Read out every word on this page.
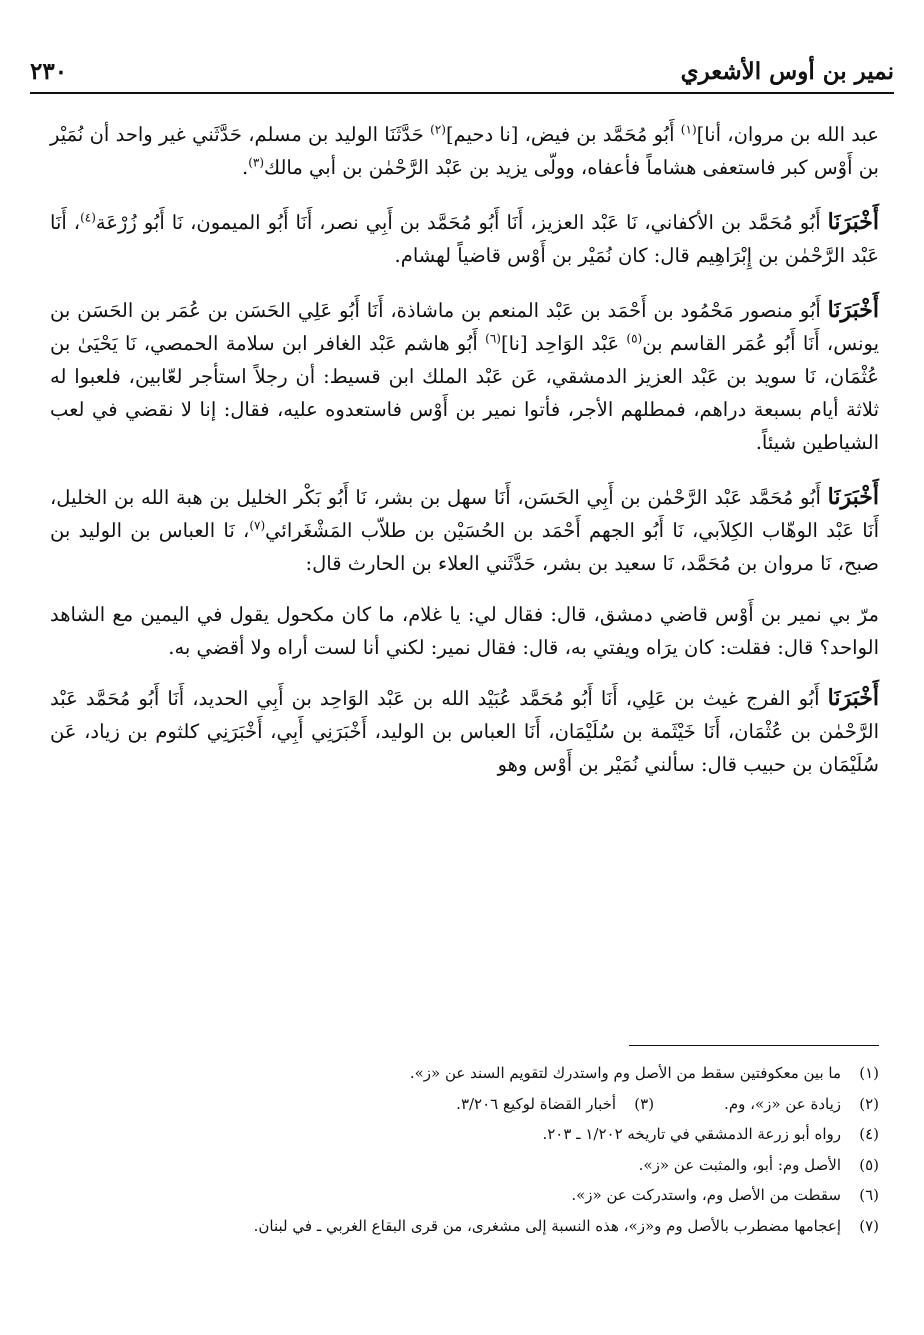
نمير بن أوس الأشعري
٢٣٠

عبد الله بن مروان، أنا]$^{(١)}$ أَبُو مُحَمَّد بن فيض، [نا دحيم]$^{(٢)}$ حَدَّثَنَا الوليد بن مسلم، حَدَّثَني غير واحد أن نُمَيْر بن أَوْس كبر فاستعفى هشاماً فأعفاه، وولّى يزيد بن عَبْد الرَّحْمٰن بن أبي مالك$^{(٣)}$.

أَخْبَرَنَا أَبُو مُحَمَّد بن الأكفاني، نَا عَبْد العزيز، أَنَا أَبُو مُحَمَّد بن أَبِي نصر، أَنَا أَبُو الميمون، نَا أَبُو زُرْعَة$^{(٤)}$، أَنَا عَبْد الرَّحْمٰن بن إِبْرَاهِيم قال: كان نُمَيْر بن أَوْس قاضياً لهشام.

أَخْبَرَنَا أَبُو منصور مَحْمُود بن أَحْمَد بن عَبْد المنعم بن ماشاذة، أَنَا أَبُو عَلِي الحَسَن بن عُمَر بن الحَسَن بن يونس، أَنَا أَبُو عُمَر القاسم بن$^{(٥)}$ عَبْد الوَاحِد [نا]$^{(٦)}$ أَبُو هاشم عَبْد الغافر ابن سلامة الحمصي، نَا يَحْيَىٰ بن عُثْمَان، نَا سويد بن عَبْد العزيز الدمشقي، عَن عَبْد الملك ابن قسيط: أن رجلاً استأجر لعّابين، فلعبوا له ثلاثة أيام بسبعة دراهم، فمطلهم الأجر، فأتوا نمير بن أَوْس فاستعدوه عليه، فقال: إنا لا نقضي في لعب الشياطين شيئاً.

أَخْبَرَنَا أَبُو مُحَمَّد عَبْد الرَّحْمٰن بن أَبِي الحَسَن، أَنَا سهل بن بشر، نَا أَبُو بَكْر الخليل بن هبة الله بن الخليل، أَنَا عَبْد الوهّاب الكِلاَبي، نَا أَبُو الجهم أَحْمَد بن الحُسَيْن بن طلاّب المَشْغَرائي$^{(٧)}$، نَا العباس بن الوليد بن صبح، نَا مروان بن مُحَمَّد، نَا سعيد بن بشر، حَدَّثَني العلاء بن الحارث قال:

مرّ بي نمير بن أَوْس قاضي دمشق، قال: فقال لي: يا غلام، ما كان مكحول يقول في اليمين مع الشاهد الواحد؟ قال: فقلت: كان يرَاه ويفتي به، قال: فقال نمير: لكني أنا لست أراه ولا أقضي به.

أَخْبَرَنَا أَبُو الفرج غيث بن عَلِي، أَنَا أَبُو مُحَمَّد عُبَيْد الله بن عَبْد الوَاحِد بن أَبِي الحديد، أَنَا أَبُو مُحَمَّد عَبْد الرَّحْمٰن بن عُثْمَان، أَنَا خَيْثَمة بن سُلَيْمَان، أَنَا العباس بن الوليد، أَخْبَرَنِي أَبِي، أَخْبَرَنِي كلثوم بن زياد، عَن سُلَيْمَان بن حبيب قال: سألني نُمَيْر بن أَوْس وهو

(١)
ما بين معكوفتين سقط من الأصل وم واستدرك لتقويم السند عن «ز».
(٢)
زيادة عن «ز»، وم.
(٣)
أخبار القضاة لوكيع ٣/٢٠٦.
(٤)
رواه أبو زرعة الدمشقي في تاريخه ١/٢٠٢ ـ ٢٠٣.
(٥)
الأصل وم: أبو، والمثبت عن «ز».
(٦)
سقطت من الأصل وم، واستدركت عن «ز».
(٧)
إعجامها مضطرب بالأصل وم و«ز»، هذه النسبة إلى مشغرى، من قرى البقاع الغربي ـ في لبنان.
